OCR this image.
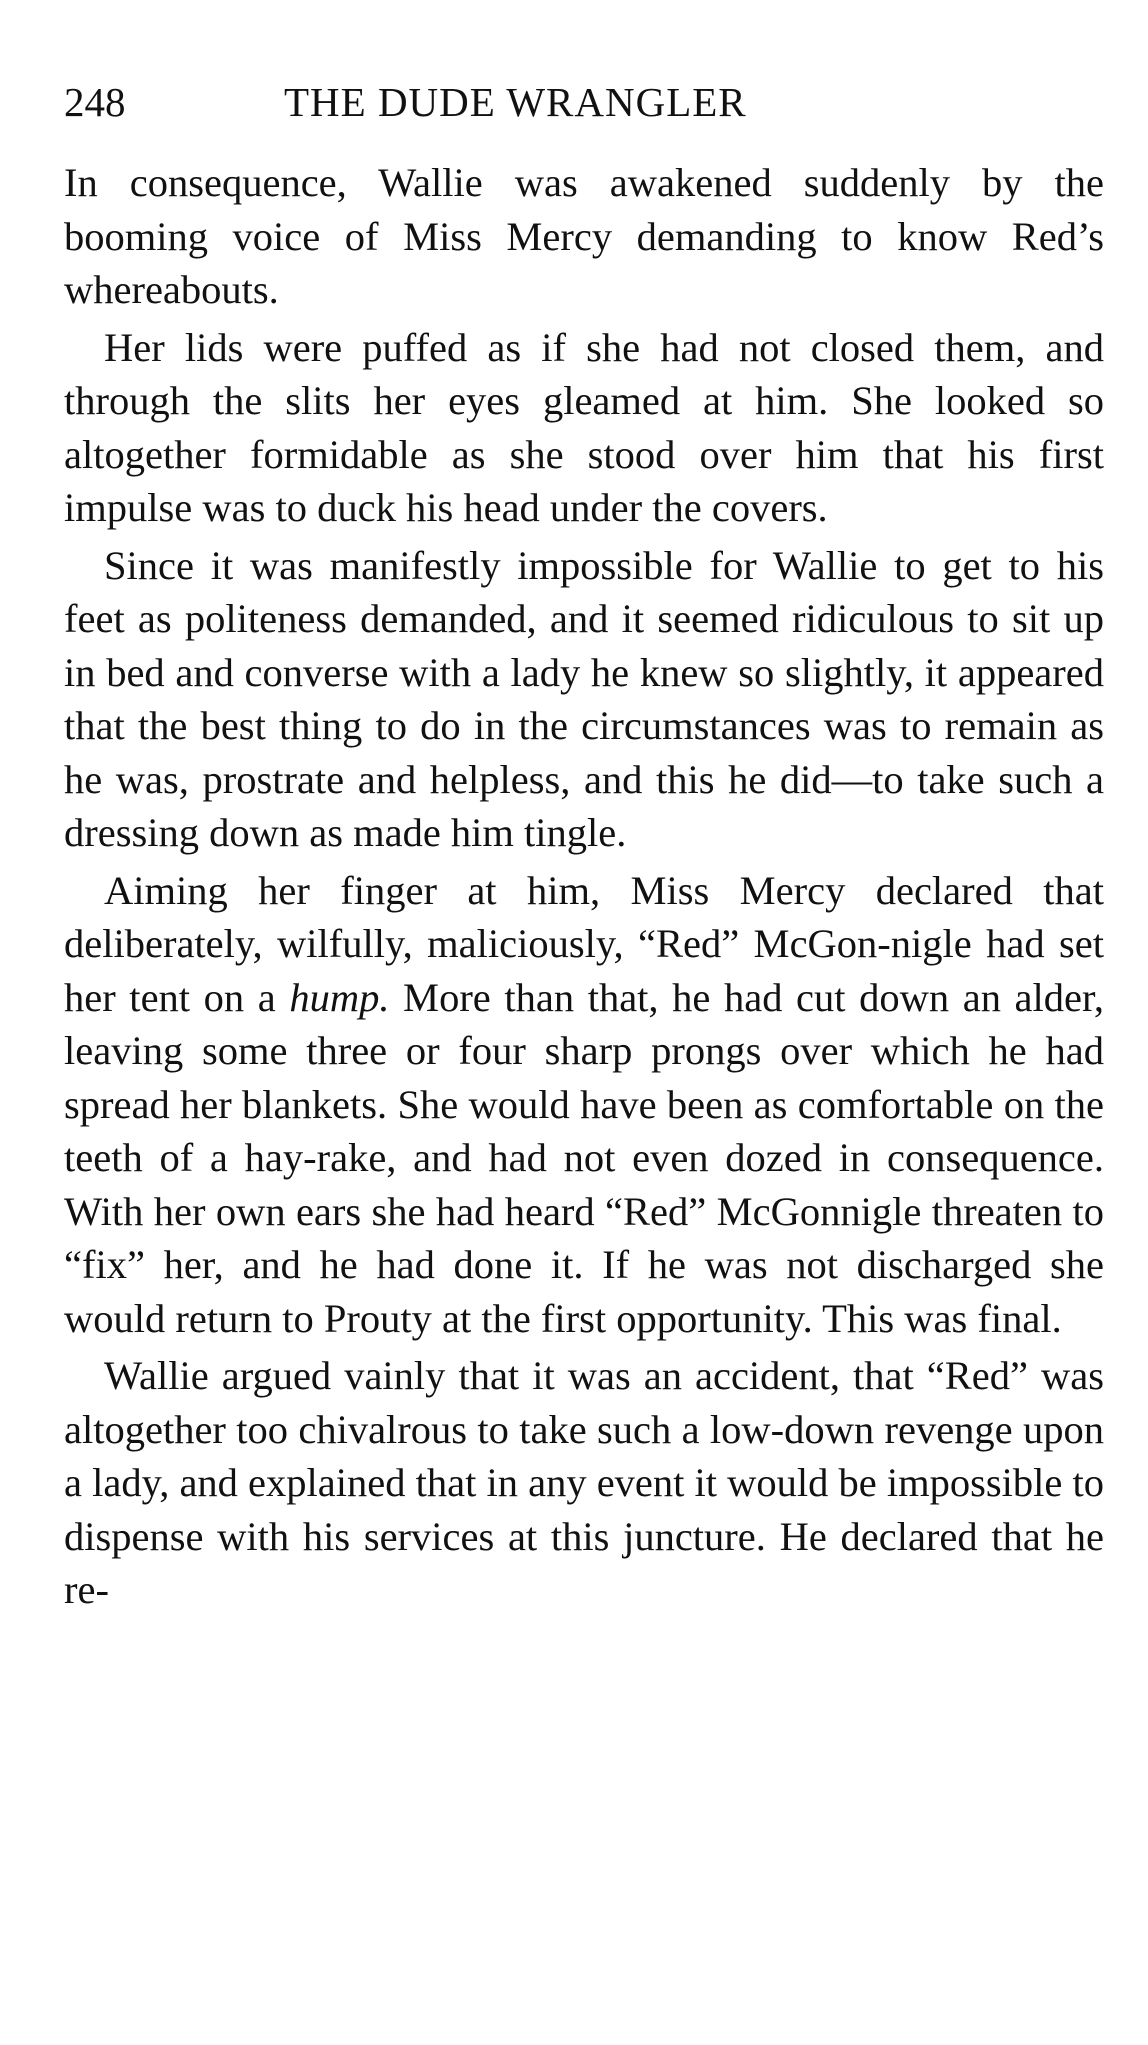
248	THE DUDE WRANGLER

In consequence, Wallie was awakened suddenly by the booming voice of Miss Mercy demanding to know Red’s whereabouts.

Her lids were puffed as if she had not closed them, and through the slits her eyes gleamed at him. She looked so altogether formidable as she stood over him that his first impulse was to duck his head under the covers.

Since it was manifestly impossible for Wallie to get to his feet as politeness demanded, and it seemed ridiculous to sit up in bed and converse with a lady he knew so slightly, it appeared that the best thing to do in the circumstances was to remain as he was, prostrate and helpless, and this he did—to take such a dressing down as made him tingle.

Aiming her finger at him, Miss Mercy declared that deliberately, wilfully, maliciously, “Red” McGon-nigle had set her tent on a hump. More than that, he had cut down an alder, leaving some three or four sharp prongs over which he had spread her blankets. She would have been as comfortable on the teeth of a hay-rake, and had not even dozed in consequence. With her own ears she had heard “Red” McGonnigle threaten to “fix” her, and he had done it. If he was not discharged she would return to Prouty at the first opportunity. This was final.

Wallie argued vainly that it was an accident, that “Red” was altogether too chivalrous to take such a low-down revenge upon a lady, and explained that in any event it would be impossible to dispense with his services at this juncture. He declared that he re-
